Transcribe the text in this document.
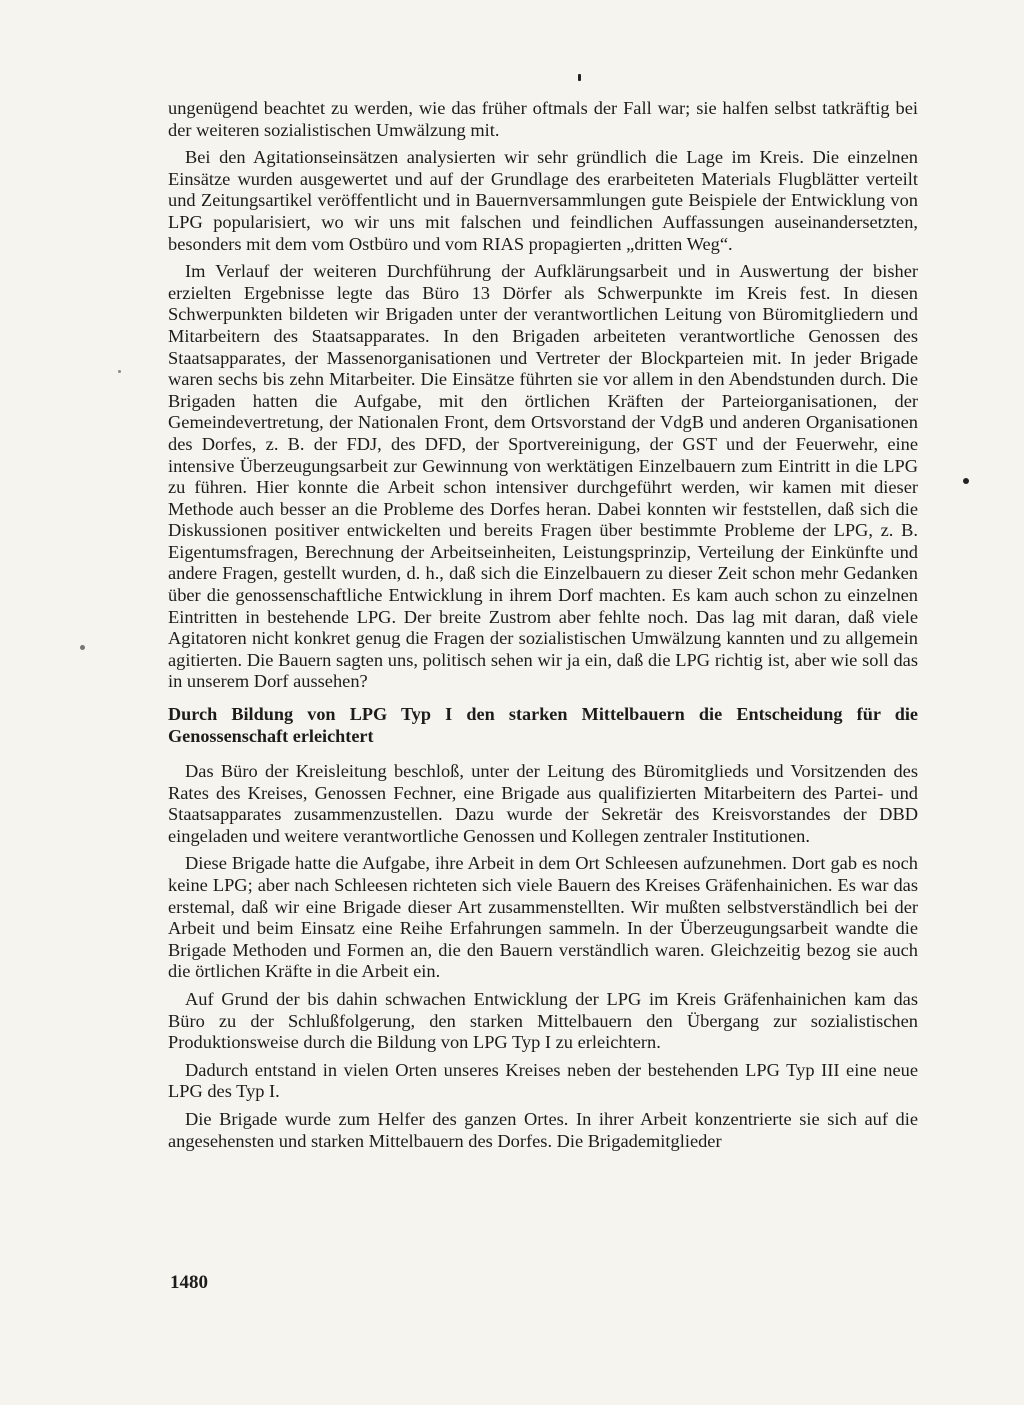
ungenügend beachtet zu werden, wie das früher oftmals der Fall war; sie halfen selbst tatkräftig bei der weiteren sozialistischen Umwälzung mit.

Bei den Agitationseinsätzen analysierten wir sehr gründlich die Lage im Kreis. Die einzelnen Einsätze wurden ausgewertet und auf der Grundlage des erarbeiteten Materials Flugblätter verteilt und Zeitungsartikel veröffentlicht und in Bauernversammlungen gute Beispiele der Entwicklung von LPG popularisiert, wo wir uns mit falschen und feindlichen Auffassungen auseinandersetzten, besonders mit dem vom Ostbüro und vom RIAS propagierten „dritten Weg“.

Im Verlauf der weiteren Durchführung der Aufklärungsarbeit und in Auswertung der bisher erzielten Ergebnisse legte das Büro 13 Dörfer als Schwerpunkte im Kreis fest. In diesen Schwerpunkten bildeten wir Brigaden unter der verantwortlichen Leitung von Büromitgliedern und Mitarbeitern des Staatsapparates. In den Brigaden arbeiteten verantwortliche Genossen des Staatsapparates, der Massenorganisationen und Vertreter der Blockparteien mit. In jeder Brigade waren sechs bis zehn Mitarbeiter. Die Einsätze führten sie vor allem in den Abendstunden durch. Die Brigaden hatten die Aufgabe, mit den örtlichen Kräften der Parteiorganisationen, der Gemeindevertretung, der Nationalen Front, dem Ortsvorstand der VdgB und anderen Organisationen des Dorfes, z. B. der FDJ, des DFD, der Sportvereinigung, der GST und der Feuerwehr, eine intensive Überzeugungsarbeit zur Gewinnung von werktätigen Einzelbauern zum Eintritt in die LPG zu führen. Hier konnte die Arbeit schon intensiver durchgeführt werden, wir kamen mit dieser Methode auch besser an die Probleme des Dorfes heran. Dabei konnten wir feststellen, daß sich die Diskussionen positiver entwickelten und bereits Fragen über bestimmte Probleme der LPG, z. B. Eigentumsfragen, Berechnung der Arbeitseinheiten, Leistungsprinzip, Verteilung der Einkünfte und andere Fragen, gestellt wurden, d. h., daß sich die Einzelbauern zu dieser Zeit schon mehr Gedanken über die genossenschaftliche Entwicklung in ihrem Dorf machten. Es kam auch schon zu einzelnen Eintritten in bestehende LPG. Der breite Zustrom aber fehlte noch. Das lag mit daran, daß viele Agitatoren nicht konkret genug die Fragen der sozialistischen Umwälzung kannten und zu allgemein agitierten. Die Bauern sagten uns, politisch sehen wir ja ein, daß die LPG richtig ist, aber wie soll das in unserem Dorf aussehen?

Durch Bildung von LPG Typ I den starken Mittelbauern die Entscheidung für die Genossenschaft erleichtert

Das Büro der Kreisleitung beschloß, unter der Leitung des Büromitglieds und Vorsitzenden des Rates des Kreises, Genossen Fechner, eine Brigade aus qualifizierten Mitarbeitern des Partei- und Staatsapparates zusammenzustellen. Dazu wurde der Sekretär des Kreisvorstandes der DBD eingeladen und weitere verantwortliche Genossen und Kollegen zentraler Institutionen.

Diese Brigade hatte die Aufgabe, ihre Arbeit in dem Ort Schleesen aufzunehmen. Dort gab es noch keine LPG; aber nach Schleesen richteten sich viele Bauern des Kreises Gräfenhainichen. Es war das erstemal, daß wir eine Brigade dieser Art zusammenstellten. Wir mußten selbstverständlich bei der Arbeit und beim Einsatz eine Reihe Erfahrungen sammeln. In der Überzeugungsarbeit wandte die Brigade Methoden und Formen an, die den Bauern verständlich waren. Gleichzeitig bezog sie auch die örtlichen Kräfte in die Arbeit ein.

Auf Grund der bis dahin schwachen Entwicklung der LPG im Kreis Gräfenhainichen kam das Büro zu der Schlußfolgerung, den starken Mittelbauern den Übergang zur sozialistischen Produktionsweise durch die Bildung von LPG Typ I zu erleichtern.

Dadurch entstand in vielen Orten unseres Kreises neben der bestehenden LPG Typ III eine neue LPG des Typ I.

Die Brigade wurde zum Helfer des ganzen Ortes. In ihrer Arbeit konzentrierte sie sich auf die angesehensten und starken Mittelbauern des Dorfes. Die Brigademitglieder

1480
